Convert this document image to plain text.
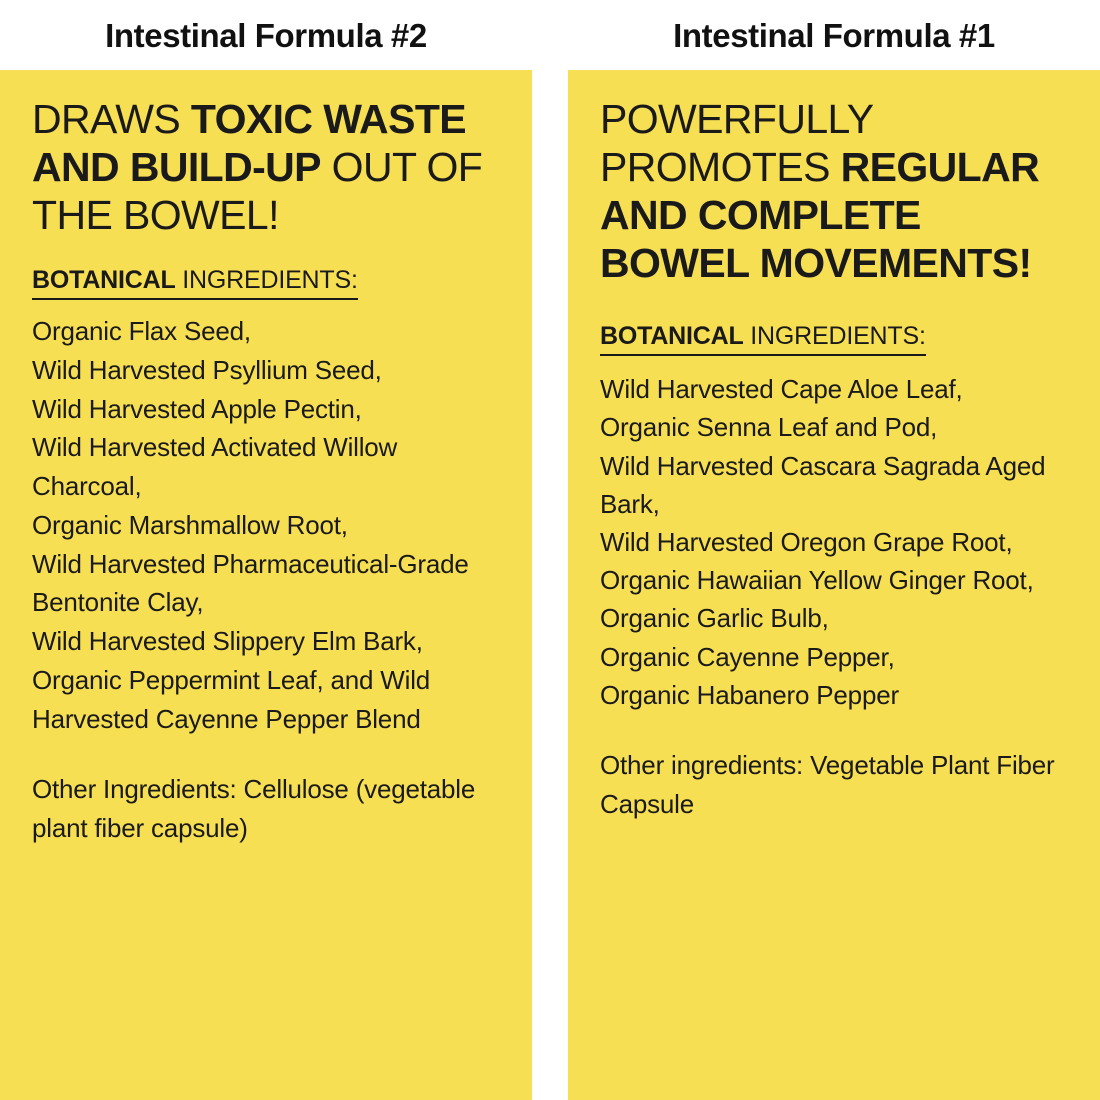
Intestinal Formula #2
DRAWS TOXIC WASTE AND BUILD-UP OUT OF THE BOWEL!
BOTANICAL INGREDIENTS:
Organic Flax Seed,
Wild Harvested Psyllium Seed,
Wild Harvested Apple Pectin,
Wild Harvested Activated Willow Charcoal,
Organic Marshmallow Root,
Wild Harvested Pharmaceutical-Grade Bentonite Clay,
Wild Harvested Slippery Elm Bark,
Organic Peppermint Leaf, and Wild Harvested Cayenne Pepper Blend
Other Ingredients: Cellulose (vegetable plant fiber capsule)
Intestinal Formula #1
POWERFULLY PROMOTES REGULAR AND COMPLETE BOWEL MOVEMENTS!
BOTANICAL INGREDIENTS:
Wild Harvested Cape Aloe Leaf,
Organic Senna Leaf and Pod,
Wild Harvested Cascara Sagrada Aged Bark,
Wild Harvested Oregon Grape Root,
Organic Hawaiian Yellow Ginger Root,
Organic Garlic Bulb,
Organic Cayenne Pepper,
Organic Habanero Pepper
Other ingredients: Vegetable Plant Fiber Capsule
